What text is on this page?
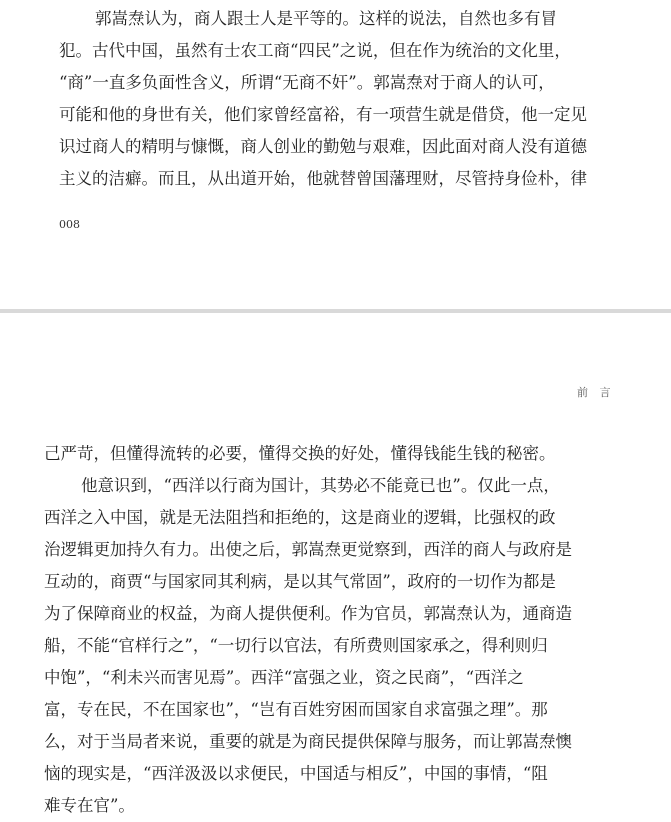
郭嵩焘认为，商人跟士人是平等的。这样的说法，自然也多有冒
犯。古代中国，虽然有士农工商“四民”之说，但在作为统治的文化里，
“商”一直多负面性含义，所谓“无商不奸”。郭嵩焘对于商人的认可，
可能和他的身世有关，他们家曾经富裕，有一项营生就是借贷，他一定见
识过商人的精明与慷慨，商人创业的勤勉与艰难，因此面对商人没有道德
主义的洁癖。而且，从出道开始，他就替曾国藩理财，尽管持身俭朴，律
008
前 言
己严苛，但懂得流转的必要，懂得交换的好处，懂得钱能生钱的秘密。
他意识到，“西洋以行商为国计，其势必不能竟已也”。仅此一点，
西洋之入中国，就是无法阻挡和拒绝的，这是商业的逻辑，比强权的政
治逻辑更加持久有力。出使之后，郭嵩焘更觉察到，西洋的商人与政府是
互动的，商贾“与国家同其利病，是以其气常固”，政府的一切作为都是
为了保障商业的权益，为商人提供便利。作为官员，郭嵩焘认为，通商造
船，不能“官样行之”，“一切行以官法，有所费则国家承之，得利则归
中饱”，“利未兴而害见焉”。西洋“富强之业，资之民商”，“西洋之
富，专在民，不在国家也”，“岂有百姓穷困而国家自求富强之理”。那
么，对于当局者来说，重要的就是为商民提供保障与服务，而让郭嵩焘懊
恼的现实是，“西洋汲汲以求便民，中国适与相反”，中国的事情，“阻
难专在官”。
